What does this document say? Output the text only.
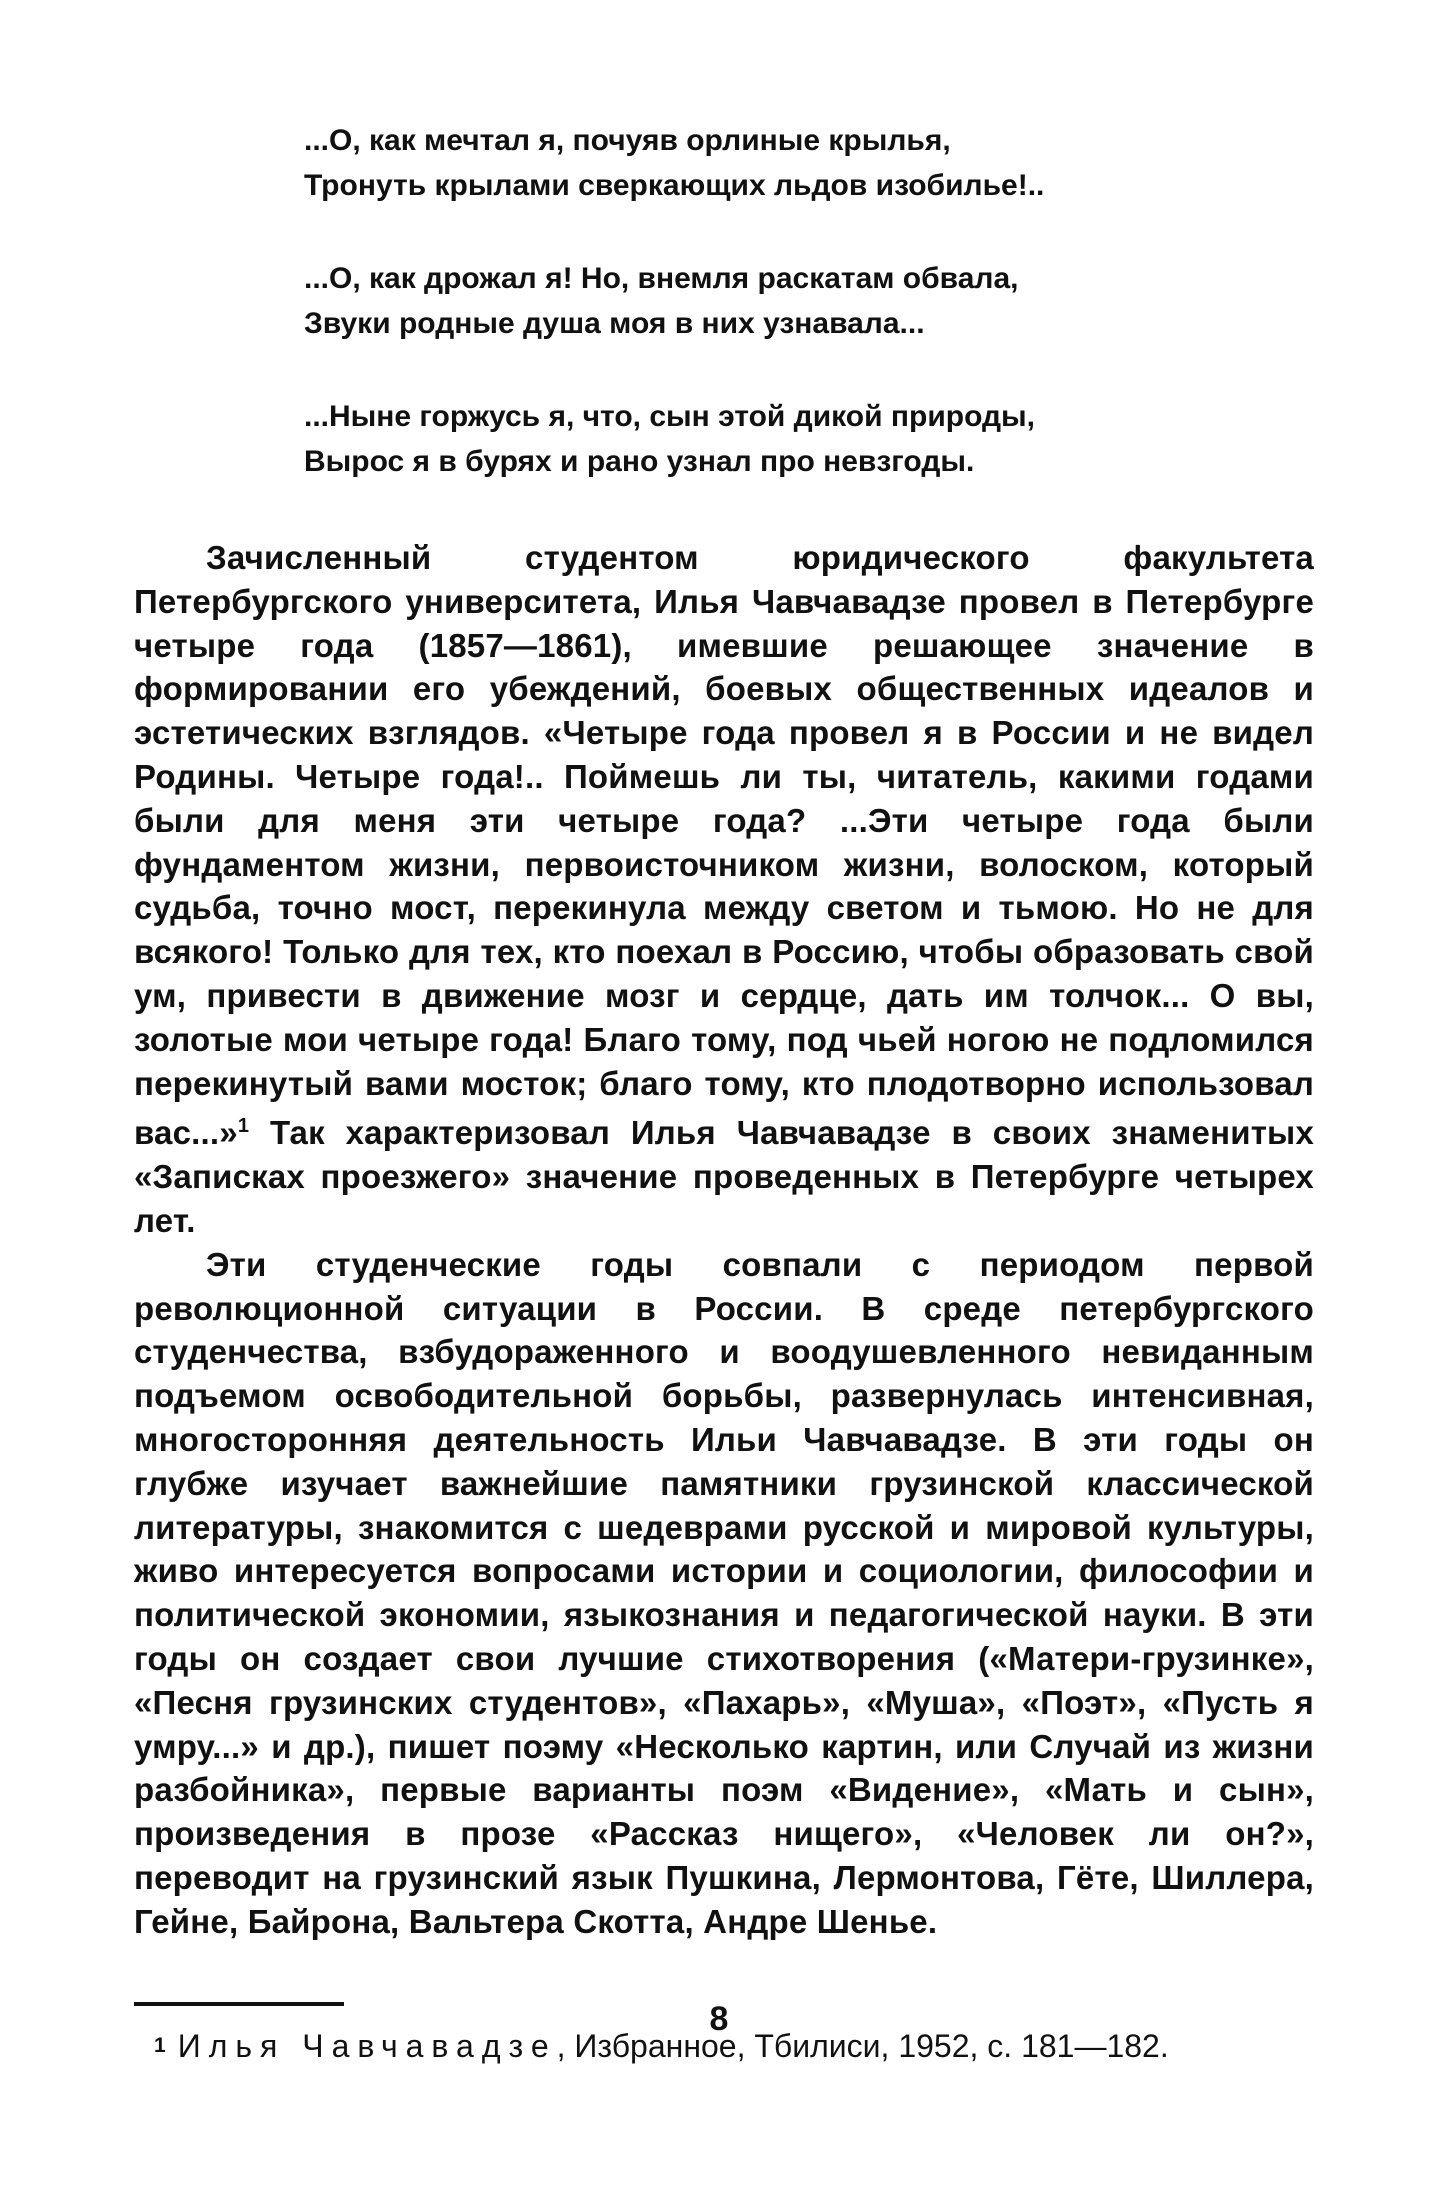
...О, как мечтал я, почуяв орлиные крылья,
Тронуть крылами сверкающих льдов изобилье!..
...О, как дрожал я! Но, внемля раскатам обвала,
Звуки родные душа моя в них узнавала...
...Ныне горжусь я, что, сын этой дикой природы,
Вырос я в бурях и рано узнал про невзгоды.

Зачисленный студентом юридического факультета Петербургского университета, Илья Чавчавадзе провел в Петербурге четыре года (1857—1861), имевшие решающее значение в формировании его убеждений, боевых общественных идеалов и эстетических взглядов. «Четыре года провел я в России и не видел Родины. Четыре года!.. Поймешь ли ты, читатель, какими годами были для меня эти четыре года? ...Эти четыре года были фундаментом жизни, первоисточником жизни, волоском, который судьба, точно мост, перекинула между светом и тьмою. Но не для всякого! Только для тех, кто поехал в Россию, чтобы образовать свой ум, привести в движение мозг и сердце, дать им толчок... О вы, золотые мои четыре года! Благо тому, под чьей ногою не подломился перекинутый вами мосток; благо тому, кто плодотворно использовал вас...»$^1$ Так характеризовал Илья Чавчавадзе в своих знаменитых «Записках проезжего» значение проведенных в Петербурге четырех лет.

Эти студенческие годы совпали с периодом первой революционной ситуации в России. В среде петербургского студенчества, взбудораженного и воодушевленного невиданным подъемом освободительной борьбы, развернулась интенсивная, многосторонняя деятельность Ильи Чавчавадзе. В эти годы он глубже изучает важнейшие памятники грузинской классической литературы, знакомится с шедеврами русской и мировой культуры, живо интересуется вопросами истории и социологии, философии и политической экономии, языкознания и педагогической науки. В эти годы он создает свои лучшие стихотворения («Матери-грузинке», «Песня грузинских студентов», «Пахарь», «Муша», «Поэт», «Пусть я умру...» и др.), пишет поэму «Несколько картин, или Случай из жизни разбойника», первые варианты поэм «Видение», «Мать и сын», произведения в прозе «Рассказ нищего», «Человек ли он?», переводит на грузинский язык Пушкина, Лермонтова, Гёте, Шиллера, Гейне, Байрона, Вальтера Скотта, Андре Шенье.

$^1$ Илья Чавчавадзе, Избранное, Тбилиси, 1952, с. 181—182.
8
